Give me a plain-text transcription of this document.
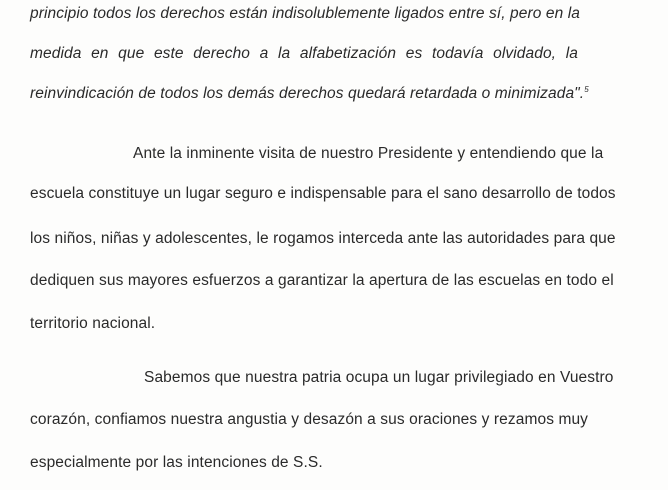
principio todos los derechos están indisolublemente ligados entre sí, pero en la
medida en que este derecho a la alfabetización es todavía olvidado, la
reinvindicación de todos los demás derechos quedará retardada o minimizada".$^5$
Ante la inminente visita de nuestro Presidente y entendiendo que la
escuela constituye un lugar seguro e indispensable para el sano desarrollo de todos
los niños, niñas y adolescentes, le rogamos interceda ante las autoridades para que
dediquen sus mayores esfuerzos a garantizar la apertura de las escuelas en todo el
territorio nacional.
Sabemos que nuestra patria ocupa un lugar privilegiado en Vuestro
corazón, confiamos nuestra angustia y desazón a sus oraciones y rezamos muy
especialmente por las intenciones de S.S.
